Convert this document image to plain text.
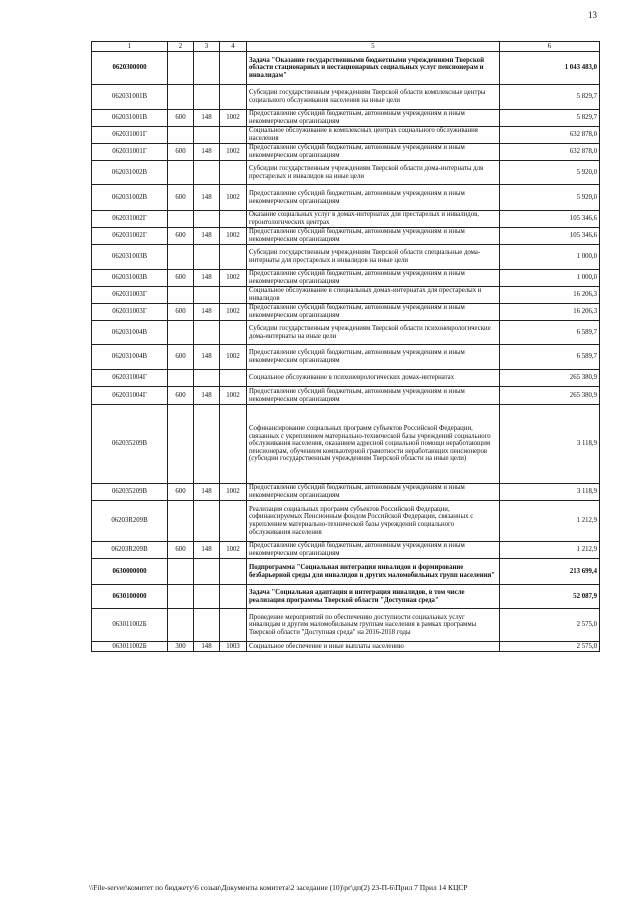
13
1	2	3	4	5	6
0620300000				Задача "Оказание государственными бюджетными учреждениями Тверской области стационарных и нестационарных социальных услуг пенсионерам и инвалидам"	1 043 483,0
062031001В				Субсидии государственным учреждениям Тверской области комплексные центры социального обслуживания населения на иные цели	5 829,7
062031001В	600	148	1002	Предоставление субсидий бюджетным, автономным учреждениям и иным некоммерческим организациям	5 829,7
062031001Г				Социальное обслуживание в комплексных центрах социального обслуживания населения	632 878,0
062031001Г	600	148	1002	Предоставление субсидий бюджетным, автономным учреждениям и иным некоммерческим организациям	632 878,0
062031002В				Субсидии государственным учреждениям Тверской области дома-интернаты для престарелых и инвалидов на иные цели	5 920,0
062031002В	600	148	1002	Предоставление субсидий бюджетным, автономным учреждениям и иным некоммерческим организациям	5 920,0
062031002Г				Оказание социальных услуг в домах-интернатах для престарелых и инвалидов, геронтологических центрах	105 346,6
062031002Г	600	148	1002	Предоставление субсидий бюджетным, автономным учреждениям и иным некоммерческим организациям	105 346,6
062031003В				Субсидии государственным учреждениям Тверской области специальные дома-интернаты для престарелых и инвалидов на иные цели	1 000,0
062031003В	600	148	1002	Предоставление субсидий бюджетным, автономным учреждениям и иным некоммерческим организациям	1 000,0
062031003Г				Социальное обслуживание в специальных домах-интернатах для престарелых и инвалидов	16 206,3
062031003Г	600	148	1002	Предоставление субсидий бюджетным, автономным учреждениям и иным некоммерческим организациям	16 206,3
062031004В				Субсидии государственным учреждениям Тверской области психоневрологические дома-интернаты на иные цели	6 589,7
062031004В	600	148	1002	Предоставление субсидий бюджетным, автономным учреждениям и иным некоммерческим организациям	6 589,7
062031004Г				Социальное обслуживание в психоневрологических домах-интернатах	265 380,9
062031004Г	600	148	1002	Предоставление субсидий бюджетным, автономным учреждениям и иным некоммерческим организациям	265 380,9
062035209В				Софинансирование социальных программ субъектов Российской Федерации, связанных с укреплением материально-технической базы учреждений социального обслуживания населения, оказанием адресной социальной помощи неработающим пенсионерам, обучением компьютерной грамотности неработающих пенсионеров (субсидии государственным учреждениям Тверской области на иные цели)	3 118,9
062035209В	600	148	1002	Предоставление субсидий бюджетным, автономным учреждениям и иным некоммерческим организациям	3 118,9
06203R209В				Реализация социальных программ субъектов Российской Федерации, софинансируемых Пенсионным фондом Российской Федерации, связанных с укреплением материально-технической базы учреждений социального обслуживания населения	1 212,9
06203R209В	600	148	1002	Предоставление субсидий бюджетным, автономным учреждениям и иным некоммерческим организациям	1 212,9
0630000000				Подпрограмма "Социальная интеграция инвалидов и формирование безбарьерной среды для инвалидов и других маломобильных групп населения"	213 699,4
0630100000				Задача "Социальная адаптация и интеграция инвалидов, в том числе реализация программы Тверской области "Доступная среда"	52 087,9
063011002Б				Проведение мероприятий по обеспечению доступности социальных услуг инвалидам и другим маломобильным группам населения в рамках программы Тверской области "Доступная среда" на 2016-2018 годы	2 575,0
063011002Б	300	148	1003	Социальное обеспечение и иные выплаты населению	2 575,0
\\File-server\комитет по бюджету\6 созыв\Документы комитета\2 заседание (10)\рг\дп(2) 23-П-6\Прил 7 Прил 14 КЦСР
